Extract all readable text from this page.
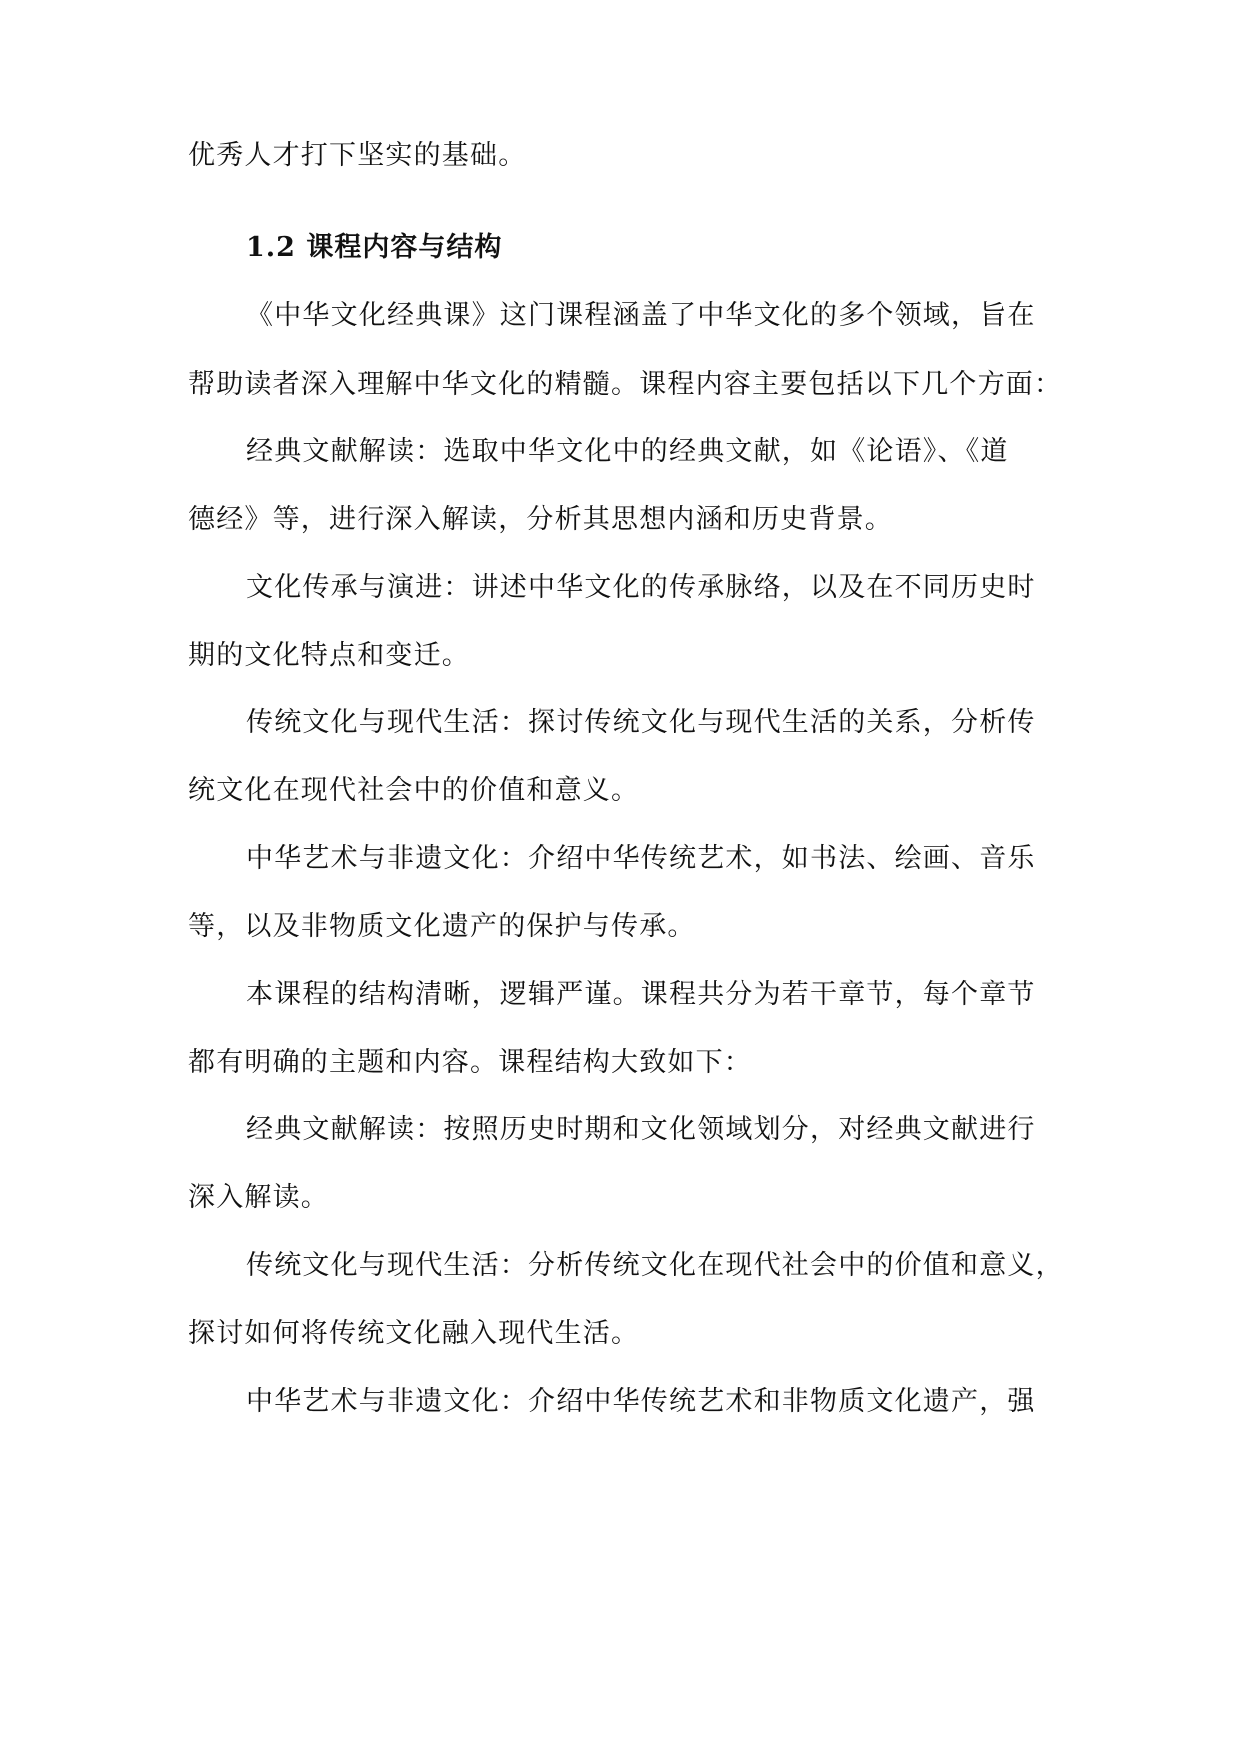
优秀人才打下坚实的基础。
1.2 课程内容与结构
《中华文化经典课》这门课程涵盖了中华文化的多个领域，旨在
帮助读者深入理解中华文化的精髓。课程内容主要包括以下几个方面：
经典文献解读：选取中华文化中的经典文献，如《论语》、《道
德经》等，进行深入解读，分析其思想内涵和历史背景。
文化传承与演进：讲述中华文化的传承脉络，以及在不同历史时
期的文化特点和变迁。
传统文化与现代生活：探讨传统文化与现代生活的关系，分析传
统文化在现代社会中的价值和意义。
中华艺术与非遗文化：介绍中华传统艺术，如书法、绘画、音乐
等，以及非物质文化遗产的保护与传承。
本课程的结构清晰，逻辑严谨。课程共分为若干章节，每个章节
都有明确的主题和内容。课程结构大致如下：
经典文献解读：按照历史时期和文化领域划分，对经典文献进行
深入解读。
传统文化与现代生活：分析传统文化在现代社会中的价值和意义，
探讨如何将传统文化融入现代生活。
中华艺术与非遗文化：介绍中华传统艺术和非物质文化遗产，强
